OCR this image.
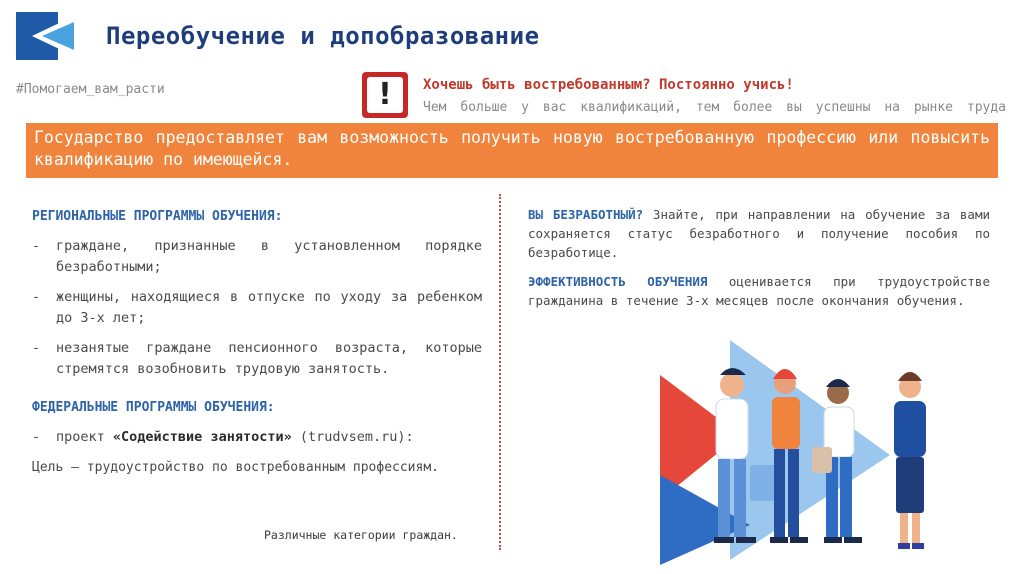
Переобучение и допобразование
#Помогаем_вам_расти	!	Хочешь быть востребованным? Постоянно учись!
Чем больше у вас квалификаций, тем более вы успешны на рынке труда
Государство предоставляет вам возможность получить новую востребованную профессию или повысить квалификацию по имеющейся.
РЕГИОНАЛЬНЫЕ ПРОГРАММЫ ОБУЧЕНИЯ:
- граждане, признанные в установленном порядке безработными;
- женщины, находящиеся в отпуске по уходу за ребенком до 3-х лет;
- незанятые граждане пенсионного возраста, которые стремятся возобновить трудовую занятость.
ФЕДЕРАЛЬНЫЕ ПРОГРАММЫ ОБУЧЕНИЯ:
- проект «Содействие занятости» (trudvsem.ru):
Цель – трудоустройство по востребованным профессиям.
Различные категории граждан.

ВЫ БЕЗРАБОТНЫЙ? Знайте, при направлении на обучение за вами сохраняется статус безработного и получение пособия по безработице.

ЭФФЕКТИВНОСТЬ ОБУЧЕНИЯ оценивается при трудоустройстве гражданина в течение 3-х месяцев после окончания обучения.
